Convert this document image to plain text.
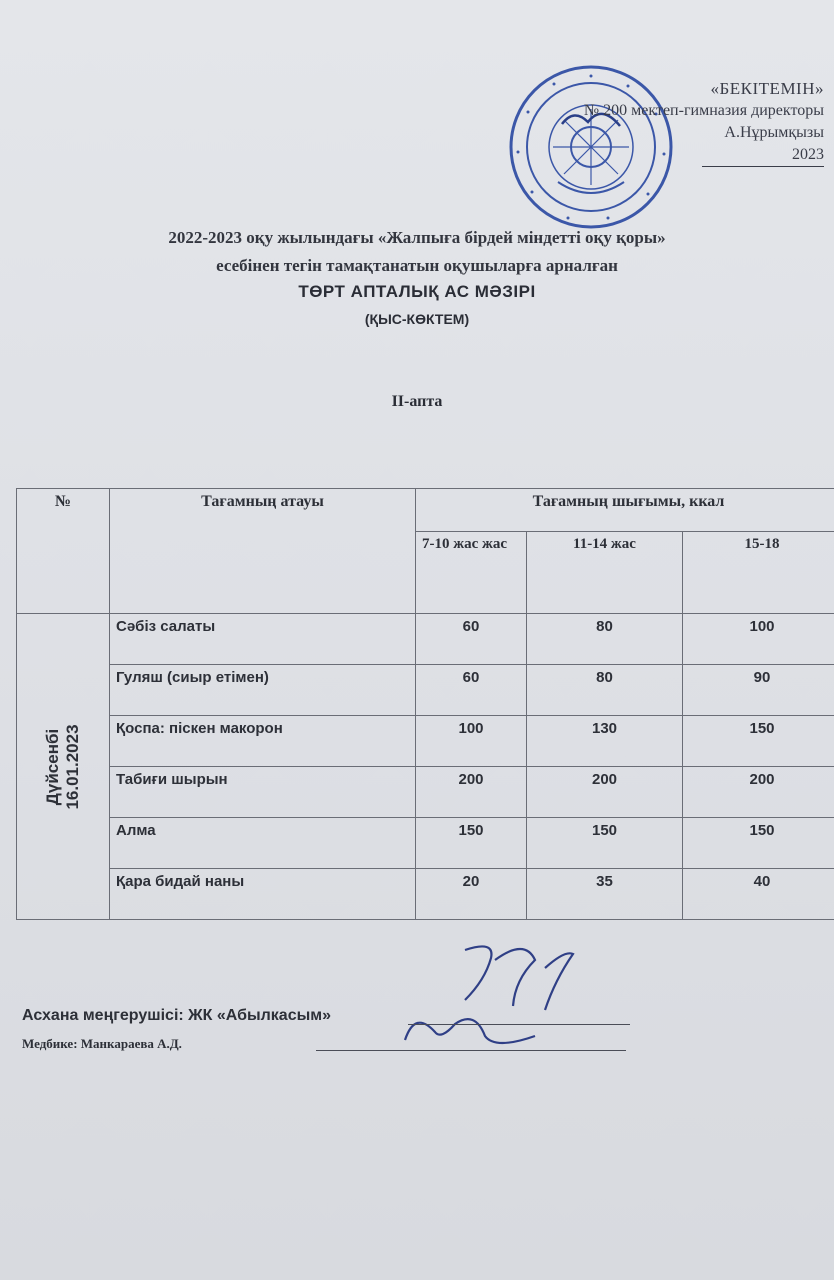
«БЕКІТЕМІН»
№ 200 мектеп-гимназия директоры
А.Нұрымқызы
2023
2022-2023 оқу жылындағы «Жалпыға бірдей міндетті оқу қоры»
есебінен тегін тамақтанатын оқушыларға арналған
ТӨРТ АПТАЛЫҚ АС МӘЗІРІ
(ҚЫС-КӨКТЕМ)
ІІ-апта
№	Тағамның атауы	Тағамның шығымы, ккал		
		7-10 жас жас	11-14 жас	15-18

Дүйсенбі 16.01.2023	Сәбіз салаты	60	80	100
	Гуляш (сиыр етімен)	60	80	90
	Қоспа: піскен макорон	100	130	150
	Табиғи шырын	200	200	200
	Алма	150	150	150
	Қара бидай наны	20	35	40
Асхана меңгерушісі: ЖК «Абылкасым»
Медбике: Манкараева А.Д.
